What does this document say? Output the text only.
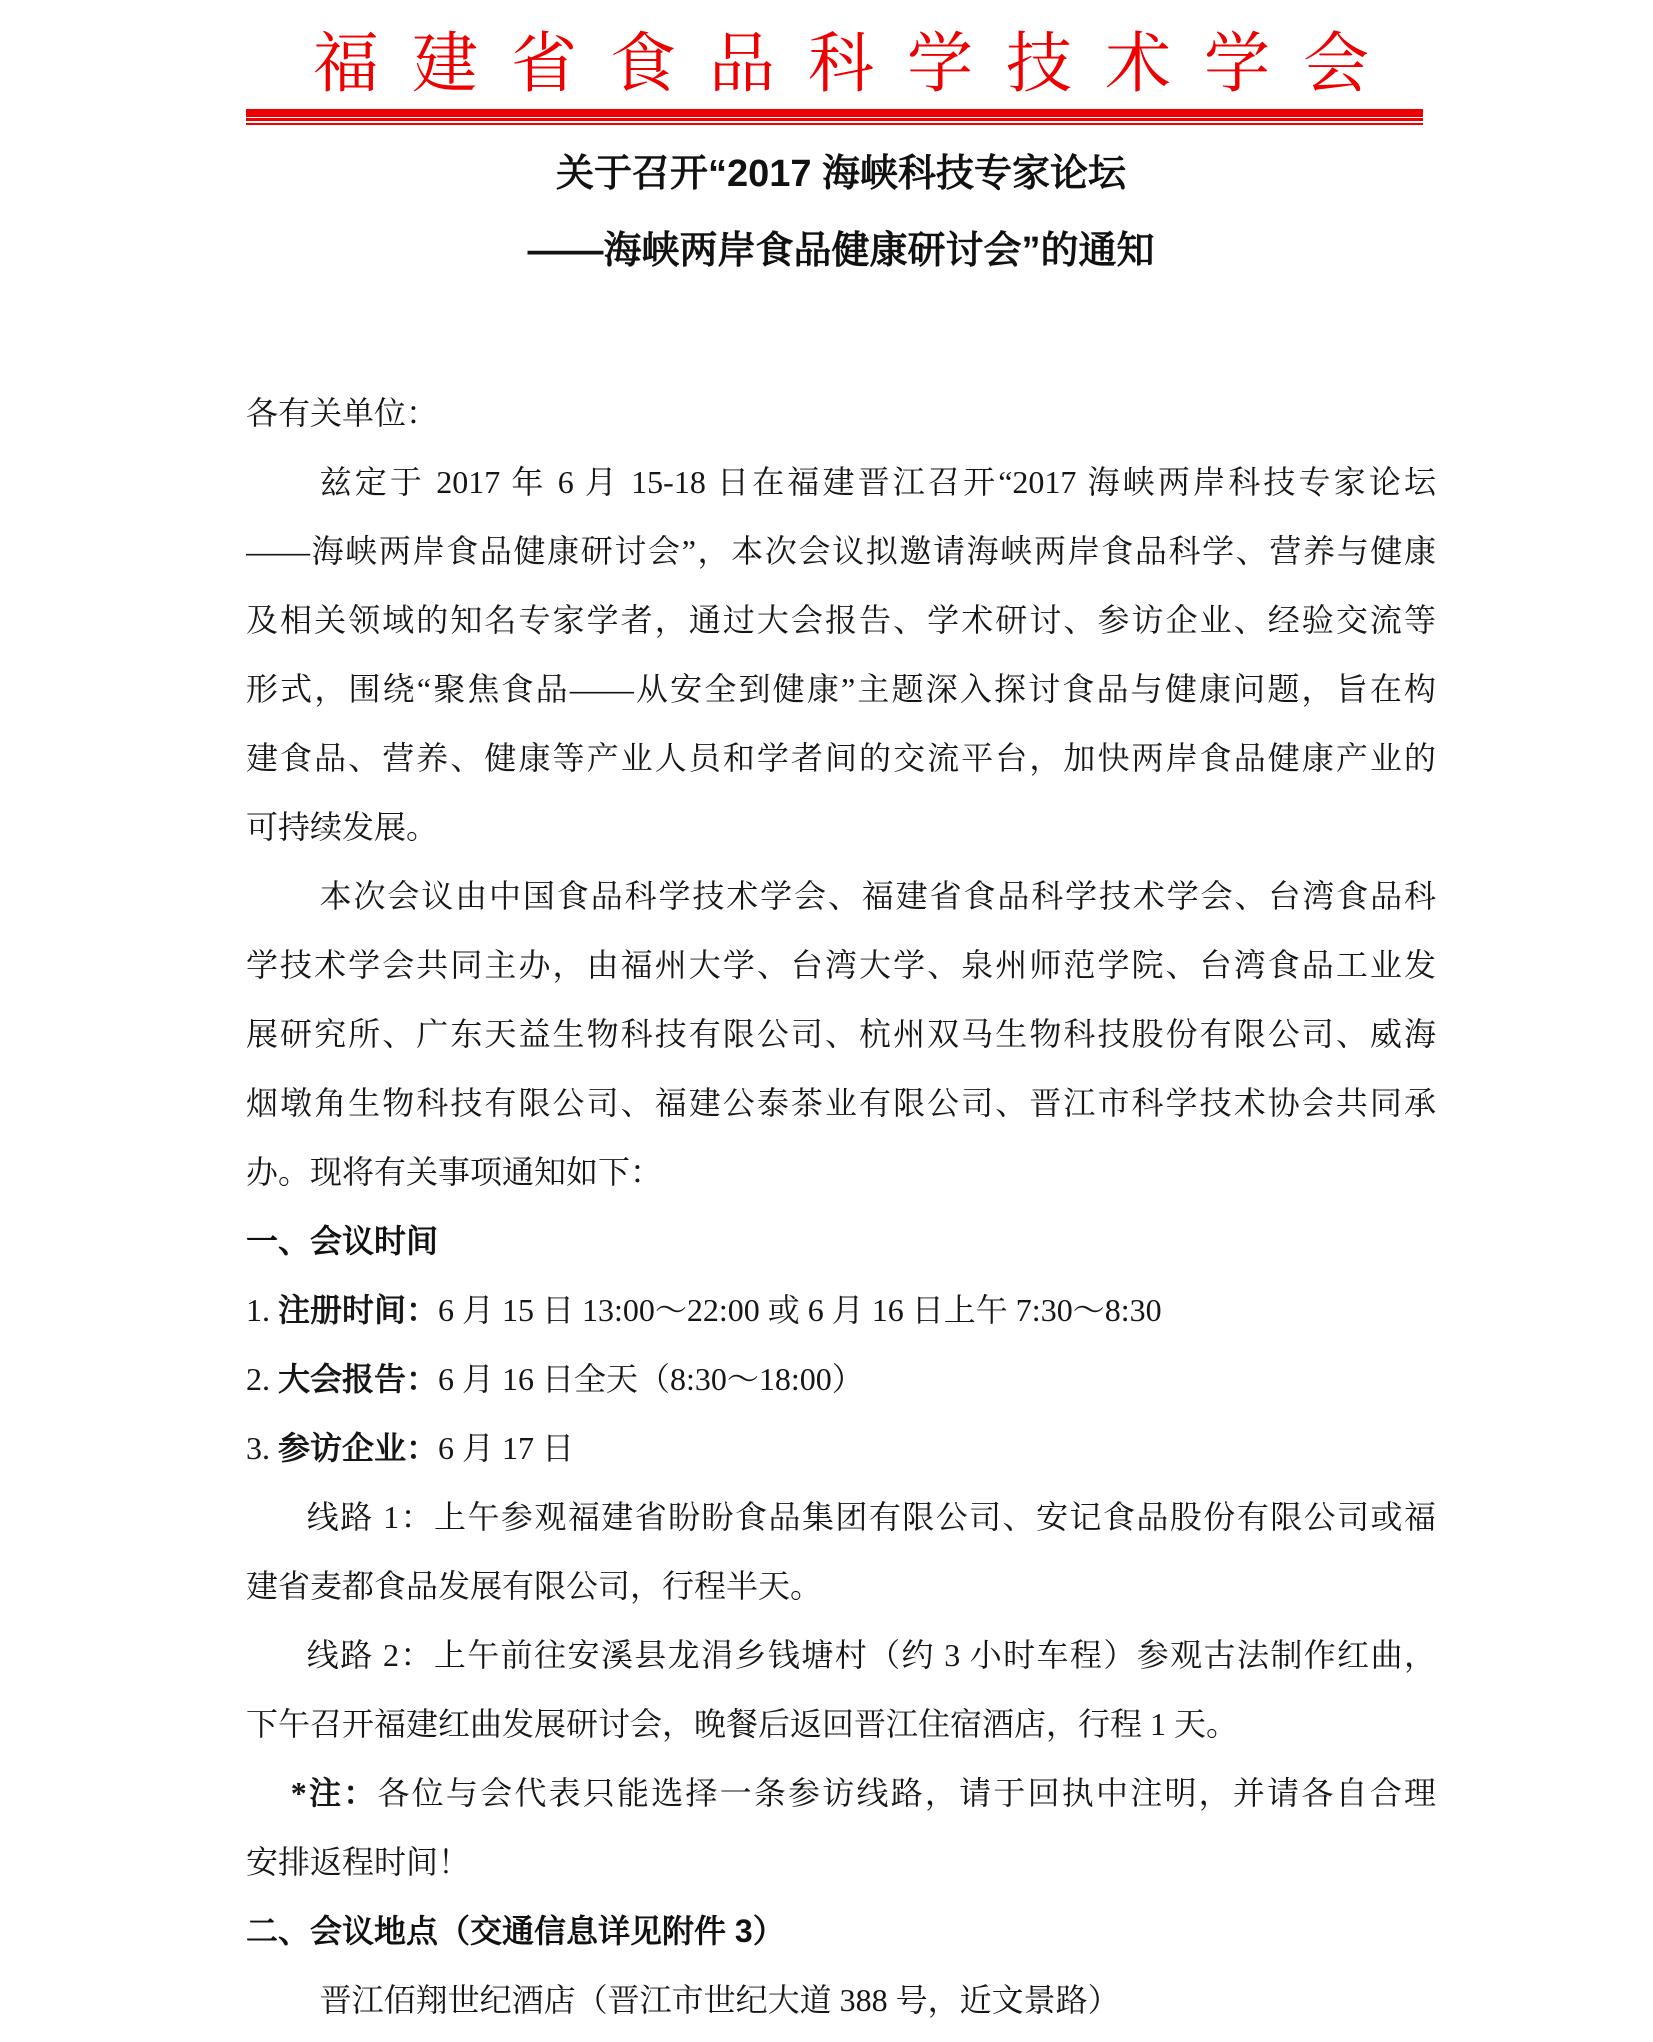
福建省食品科学技术学会
关于召开“2017 海峡科技专家论坛
——海峡两岸食品健康研讨会”的通知
各有关单位：
兹定于 2017 年 6 月 15-18 日在福建晋江召开“2017 海峡两岸科技专家论坛
——海峡两岸食品健康研讨会”，本次会议拟邀请海峡两岸食品科学、营养与健康
及相关领域的知名专家学者，通过大会报告、学术研讨、参访企业、经验交流等
形式，围绕“聚焦食品——从安全到健康”主题深入探讨食品与健康问题，旨在构
建食品、营养、健康等产业人员和学者间的交流平台，加快两岸食品健康产业的
可持续发展。
本次会议由中国食品科学技术学会、福建省食品科学技术学会、台湾食品科
学技术学会共同主办，由福州大学、台湾大学、泉州师范学院、台湾食品工业发
展研究所、广东天益生物科技有限公司、杭州双马生物科技股份有限公司、威海
烟墩角生物科技有限公司、福建公泰茶业有限公司、晋江市科学技术协会共同承
办。现将有关事项通知如下：
一、会议时间
1. 注册时间：6 月 15 日 13:00～22:00 或 6 月 16 日上午 7:30～8:30
2. 大会报告：6 月 16 日全天（8:30～18:00）
3. 参访企业：6 月 17 日
线路 1：上午参观福建省盼盼食品集团有限公司、安记食品股份有限公司或福
建省麦都食品发展有限公司，行程半天。
线路 2：上午前往安溪县龙涓乡钱塘村（约 3 小时车程）参观古法制作红曲，
下午召开福建红曲发展研讨会，晚餐后返回晋江住宿酒店，行程 1 天。
*注：各位与会代表只能选择一条参访线路，请于回执中注明，并请各自合理
安排返程时间！
二、会议地点（交通信息详见附件 3）
晋江佰翔世纪酒店（晋江市世纪大道 388 号，近文景路）
